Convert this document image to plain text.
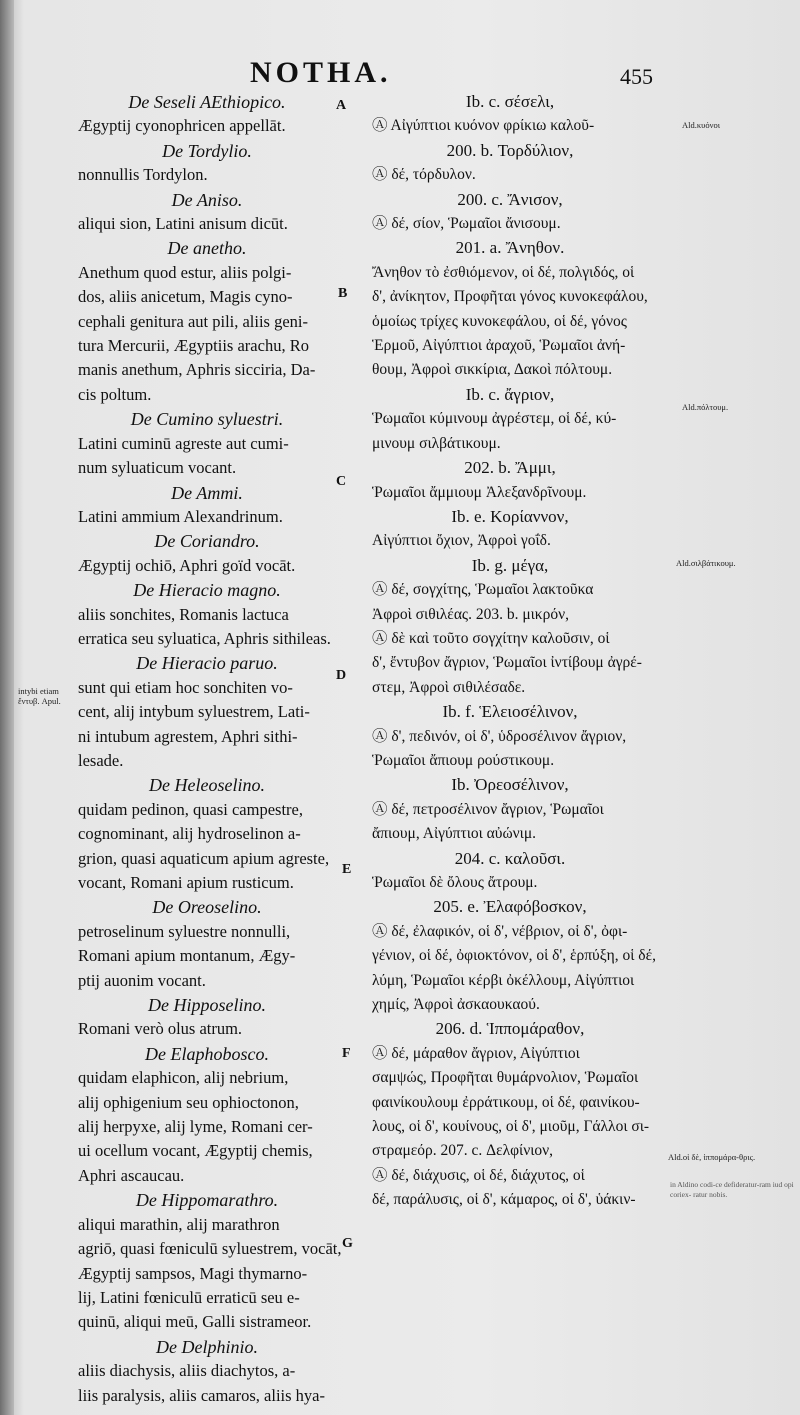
NOTHA.	455
De Seseli AEthiopico.
Ægyptij cyonophricen appellāt.
De Tordylio.
nonnullis Tordylon.
De Aniso.
aliqui sion, Latini anisum dicūt.
De anetho.
Anethum quod estur, aliis polgi-
dos, aliis anicetum, Magis cyno-
cephali genitura aut pili, aliis geni-
tura Mercurii, Ægyptiis arachu, Ro
manis anethum, Aphris sicciria, Da-
cis poltum.
De Cumino syluestri.
Latini cuminū agreste aut cumi-
num syluaticum vocant.
De Ammi.
Latini ammium Alexandrinum.
De Coriandro.
Ægyptij ochiō, Aphri goïd vocāt.
De Hieracio magno.
aliis sonchites, Romanis lactuca
erratica seu syluatica, Aphris sithileas.
De Hieracio paruo.
sunt qui etiam hoc sonchiten vo-
cent, alij intybum syluestrem, Lati-
ni intubum agrestem, Aphri sithi-
lesade.
De Heleoselino.
quidam pedinon, quasi campestre,
cognominant, alij hydroselinon a-
grion, quasi aquaticum apium agreste,
vocant, Romani apium rusticum.
De Oreoselino.
petroselinum syluestre nonnulli,
Romani apium montanum, Ægy-
ptij auonim vocant.
De Hipposelino.
Romani verò olus atrum.
De Elaphobosco.
quidam elaphicon, alij nebrium,
alij ophigenium seu ophioctonon,
alij herpyxe, alij lyme, Romani cer-
ui ocellum vocant, Ægyptij chemis,
Aphri ascaucau.
De Hippomarathro.
aliqui marathin, alij marathron
agriō, quasi fœniculū syluestrem, vocāt,
Ægyptij sampsos, Magi thymarno-
lij, Latini fœniculū erraticū seu e-
quinū, aliqui meū, Galli sistrameor.
De Delphinio.
aliis diachysis, aliis diachytos, a-
liis paralysis, aliis camaros, aliis hya-
Ib. c. σέσελι,
Ⓐ Αἰγύπτιοι κυόνον φρίκιω καλοῦ-
200. b. Τορδύλιον,
Ⓐ δέ, τόρδυλον.
200. c. Ἄνισον,
Ⓐ δέ, σίον, Ῥωμαῖοι ἄνισουμ.
201. a. Ἄνηθον.
Ἄνηθον τὸ ἐσθιόμενον, οἱ δέ, πολγιδός, οἱ
δ', ἀνίκητον, Προφῆται γόνος κυνοκεφάλου,
ὁμοίως τρίχες κυνοκεφάλου, οἱ δέ, γόνος
Ἑρμοῦ, Αἰγύπτιοι ἀραχοῦ, Ῥωμαῖοι ἀνή-
θουμ, Ἀφροὶ σικκίρια, Δακοὶ πόλτουμ.
Ib. c. ἄγριον,
Ῥωμαῖοι κύμινουμ ἀγρέστεμ, οἱ δέ, κύ-
μινουμ σιλβάτικουμ.
202. b. Ἄμμι,
Ῥωμαῖοι ἄμμιουμ Ἀλεξανδρῖνουμ.
Ib. e. Κορίαννον,
Αἰγύπτιοι ὄχιον, Ἀφροὶ γοΐδ.
Ib. g. μέγα,
Ⓐ δέ, σογχίτης, Ῥωμαῖοι λακτοῦκα
Ἀφροὶ σιθιλέας. 203. b. μικρόν,
Ⓐ δὲ καὶ τοῦτο σογχίτην καλοῦσιν, οἱ
δ', ἔντυβον ἄγριον, Ῥωμαῖοι ἰντίβουμ ἀγρέ-
στεμ, Ἀφροὶ σιθιλέσαδε.
Ib. f. Ἑλειοσέλινον,
Ⓐ δ', πεδινόν, οἱ δ', ὑδροσέλινον ἄγριον,
Ῥωμαῖοι ἄπιουμ ρούστικουμ.
Ib. Ὀρεοσέλινον,
Ⓐ δέ, πετροσέλινον ἄγριον, Ῥωμαῖοι
ἄπιουμ, Αἰγύπτιοι αὐώνιμ.
204. c. καλοῦσι.
Ῥωμαῖοι δὲ ὄλους ἄτρουμ.
205. e. Ἐλαφόβοσκον,
Ⓐ δέ, ἐλαφικόν, οἱ δ', νέβριον, οἱ δ', ὀφι-
γένιον, οἱ δέ, ὀφιοκτόνον, οἱ δ', ἑρπύξη, οἱ δέ,
λύμη, Ῥωμαῖοι κέρβι ὀκέλλουμ, Αἰγύπτιοι
χημίς, Ἀφροὶ ἀσκαουκαού.
206. d. Ἱππομάραθον,
Ⓐ δέ, μάραθον ἄγριον, Αἰγύπτιοι
σαμψώς, Προφῆται θυμάρνολιον, Ῥωμαῖοι
φαινίκουλουμ ἐρράτικουμ, οἱ δέ, φαινίκου-
λους, οἱ δ', κουίνους, οἱ δ', μιοῦμ, Γάλλοι σι-
στραμεόρ. 207. c. Δελφίνιον,
Ⓐ δέ, διάχυσις, οἱ δέ, διάχυτος, οἱ
δέ, παράλυσις, οἱ δ', κάμαρος, οἱ δ', ὑάκιν-
A
B
C
D
E
F
G
Ald.κυόνοι
Ald.πόλτουμ.
Ald.σιλβάτικουμ.
Ald.οἱ δὲ, ἱππομάρα-θρις.
in Aldino codi-ce defideratur-ram iud opi coriex- ratur nobis.
intybi etiam ἔντυβ. Apul.
